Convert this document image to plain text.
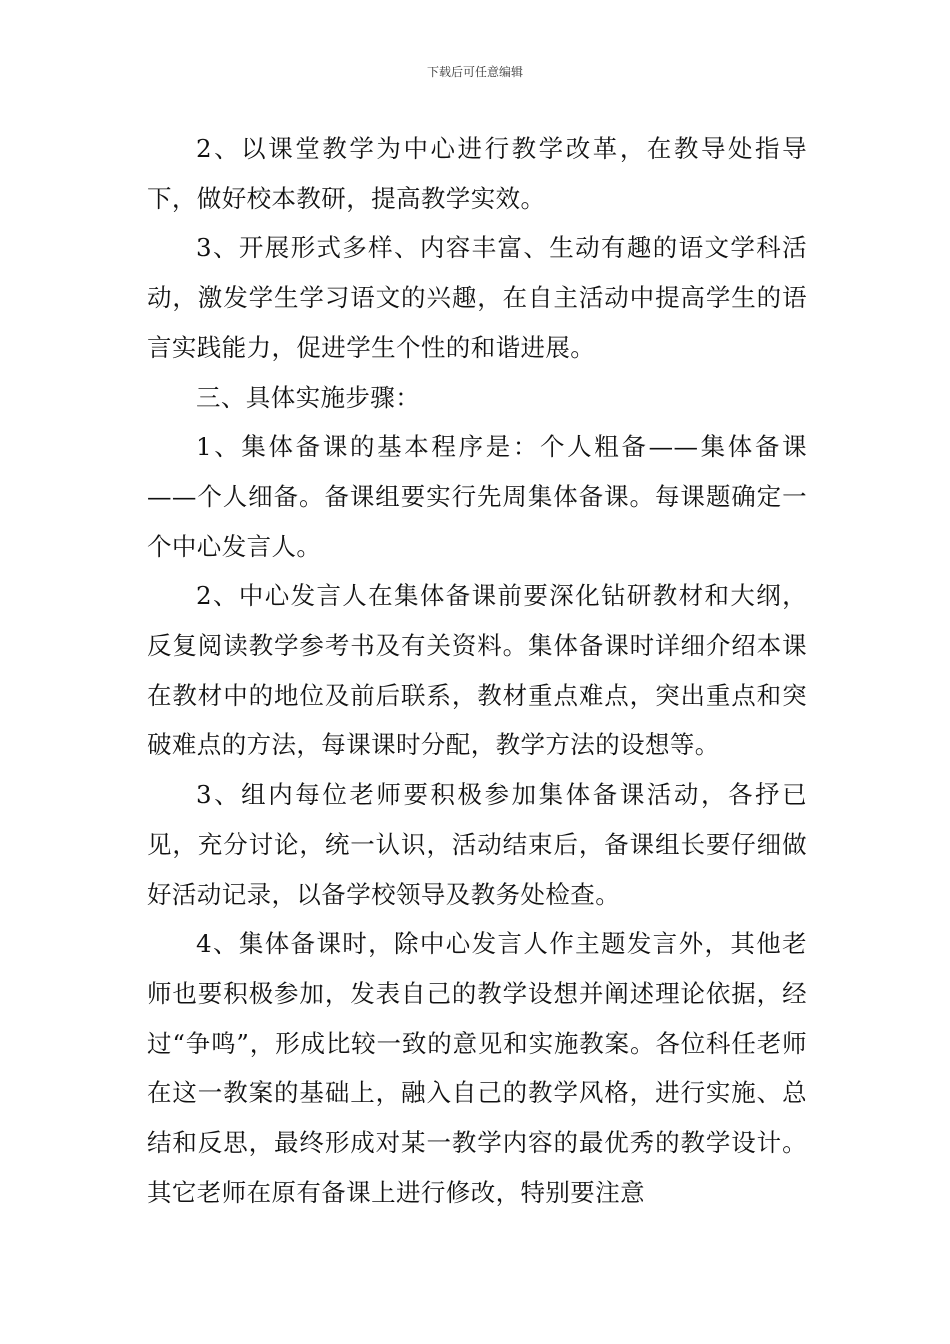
下载后可任意编辑

2、以课堂教学为中心进行教学改革，在教导处指导下，做好校本教研，提高教学实效。

3、开展形式多样、内容丰富、生动有趣的语文学科活动，激发学生学习语文的兴趣，在自主活动中提高学生的语言实践能力，促进学生个性的和谐进展。

三、具体实施步骤：

1、集体备课的基本程序是：个人粗备——集体备课——个人细备。备课组要实行先周集体备课。每课题确定一个中心发言人。

2、中心发言人在集体备课前要深化钻研教材和大纲，反复阅读教学参考书及有关资料。集体备课时详细介绍本课在教材中的地位及前后联系，教材重点难点，突出重点和突破难点的方法，每课课时分配，教学方法的设想等。

3、组内每位老师要积极参加集体备课活动，各抒已见，充分讨论，统一认识，活动结束后，备课组长要仔细做好活动记录，以备学校领导及教务处检查。

4、集体备课时，除中心发言人作主题发言外，其他老师也要积极参加，发表自己的教学设想并阐述理论依据，经过“争鸣”，形成比较一致的意见和实施教案。各位科任老师在这一教案的基础上，融入自己的教学风格，进行实施、总结和反思，最终形成对某一教学内容的最优秀的教学设计。其它老师在原有备课上进行修改，特别要注意
